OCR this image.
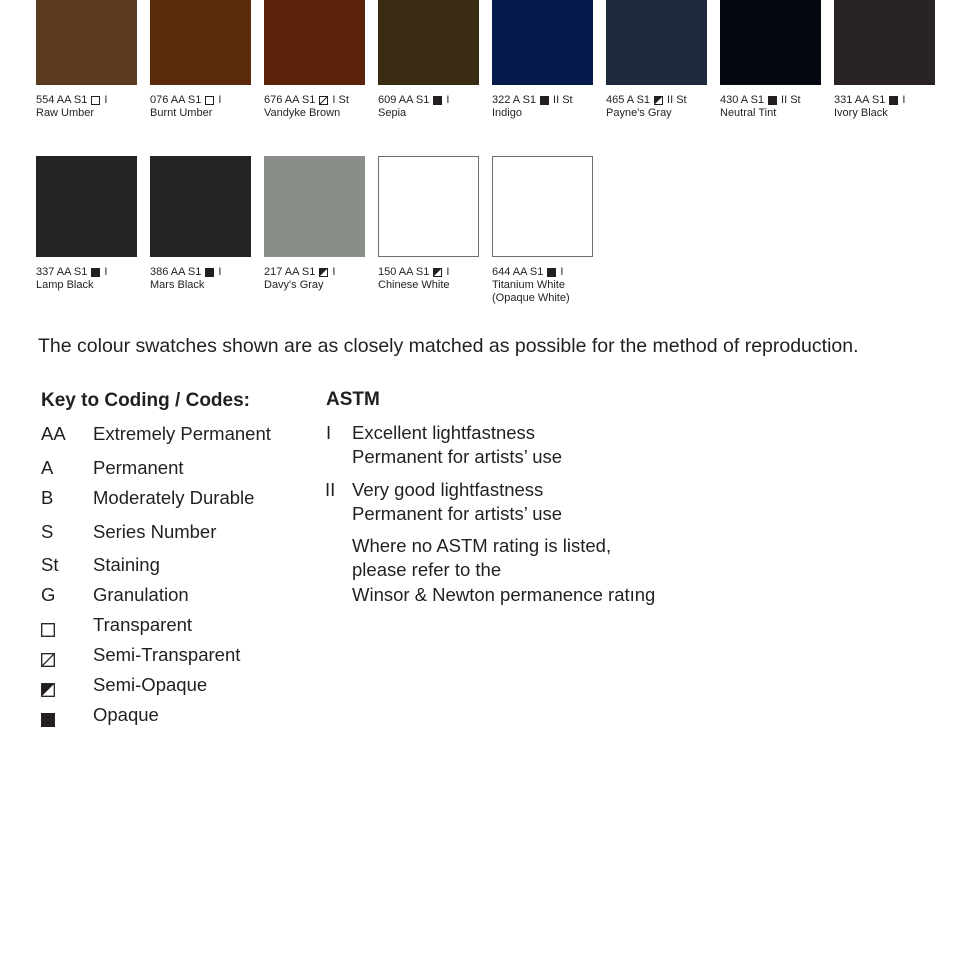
554 AA S1 I
Raw Umber
076 AA S1 I
Burnt Umber
676 AA S1 I St
Vandyke Brown
609 AA S1 I
Sepia
322 A S1 II St
Indigo
465 A S1 II St
Payne's Gray
430 A S1 II St
Neutral Tint
331 AA S1 I
Ivory Black
337 AA S1 I
Lamp Black
386 AA S1 I
Mars Black
217 AA S1 I
Davy's Gray
150 AA S1 I
Chinese White
644 AA S1 I
Titanium White
(Opaque White)
The colour swatches shown are as closely matched as possible for the method of reproduction.
Key to Coding / Codes:
AA	Extremely Permanent
A	Permanent
B	Moderately Durable
S	Series Number
St	Staining
G	Granulation
Transparent
Semi-Transparent
Semi-Opaque
Opaque
ASTM
I Excellent lightfastness
Permanent for artists’ use
II Very good lightfastness
Permanent for artists’ use
Where no ASTM rating is listed,
please refer to the
Winsor & Newton permanence ratıng
